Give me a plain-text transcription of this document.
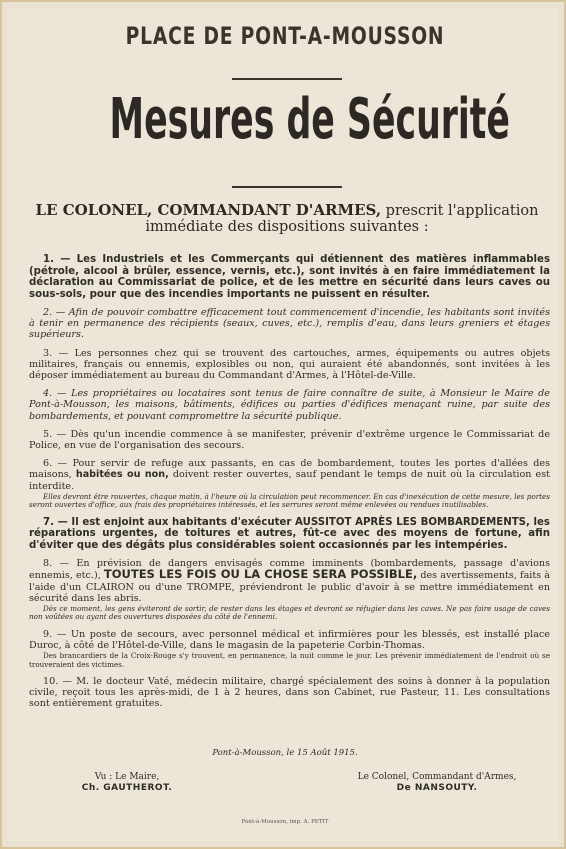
PLACE DE PONT-A-MOUSSON
Mesures de Sécurité
LE COLONEL, COMMANDANT D'ARMES, prescrit l'application immédiate des dispositions suivantes :

1. — Les Industriels et les Commerçants qui détiennent des matières inflammables (pétrole, alcool à brûler, essence, vernis, etc.), sont invités à en faire immédiatement la déclaration au Commissariat de police, et de les mettre en sécurité dans leurs caves ou sous-sols, pour que des incendies importants ne puissent en résulter.

2. — Afin de pouvoir combattre efficacement tout commencement d'incendie, les habitants sont invités à tenir en permanence des récipients (seaux, cuves, etc.), remplis d'eau, dans leurs greniers et étages supérieurs.

3. — Les personnes chez qui se trouvent des cartouches, armes, équipements ou autres objets militaires, français ou ennemis, explosibles ou non, qui auraient été abandonnés, sont invitées à les déposer immédiatement au bureau du Commandant d'Armes, à l'Hôtel-de-Ville.

4. — Les propriétaires ou locataires sont tenus de faire connaître de suite, à Monsieur le Maire de Pont-à-Mousson, les maisons, bâtiments, édifices ou parties d'édifices menaçant ruine, par suite des bombardements, et pouvant compromettre la sécurité publique.

5. — Dès qu'un incendie commence à se manifester, prévenir d'extrême urgence le Commissariat de Police, en vue de l'organisation des secours.

6. — Pour servir de refuge aux passants, en cas de bombardement, toutes les portes d'allées des maisons, habitées ou non, doivent rester ouvertes, sauf pendant le temps de nuit où la circulation est interdite.
Elles devront être rouvertes, chaque matin, à l'heure où la circulation peut recommencer. En cas d'inexécution de cette mesure, les portes seront ouvertes d'office, aux frais des propriétaires intéressés, et les serrures seront même enlevées ou rendues inutilisables.

7. — Il est enjoint aux habitants d'exécuter AUSSITOT APRÈS LES BOMBARDEMENTS, les réparations urgentes, de toitures et autres, fût-ce avec des moyens de fortune, afin d'éviter que des dégâts plus considérables soient occasionnés par les intempéries.

8. — En prévision de dangers envisagés comme imminents (bombardements, passage d'avions ennemis, etc.), TOUTES LES FOIS OU LA CHOSE SERA POSSIBLE, des avertissements, faits à l'aide d'un CLAIRON ou d'une TROMPE, préviendront le public d'avoir à se mettre immédiatement en sécurité dans les abris.
Dès ce moment, les gens éviteront de sortir, de rester dans les étages et devront se réfugier dans les caves. Ne pas faire usage de caves non voûtées ou ayant des ouvertures disposées du côté de l'ennemi.

9. — Un poste de secours, avec personnel médical et infirmières pour les blessés, est installé place Duroc, à côté de l'Hôtel-de-Ville, dans le magasin de la papeterie Corbin-Thomas.
Des brancardiers de la Croix-Rouge s'y trouvent, en permanence, la nuit comme le jour. Les prévenir immédiatement de l'endroit où se trouveraient des victimes.

10. — M. le docteur Vaté, médecin militaire, chargé spécialement des soins à donner à la population civile, reçoit tous les après-midi, de 1 à 2 heures, dans son Cabinet, rue Pasteur, 11. Les consultations sont entièrement gratuites.

Pont-à-Mousson, le 15 Août 1915.
Vu : Le Maire,
Ch. GAUTHEROT.
Le Colonel, Commandant d'Armes,
De NANSOUTY.
Pont-à-Mousson, imp. A. PETIT
